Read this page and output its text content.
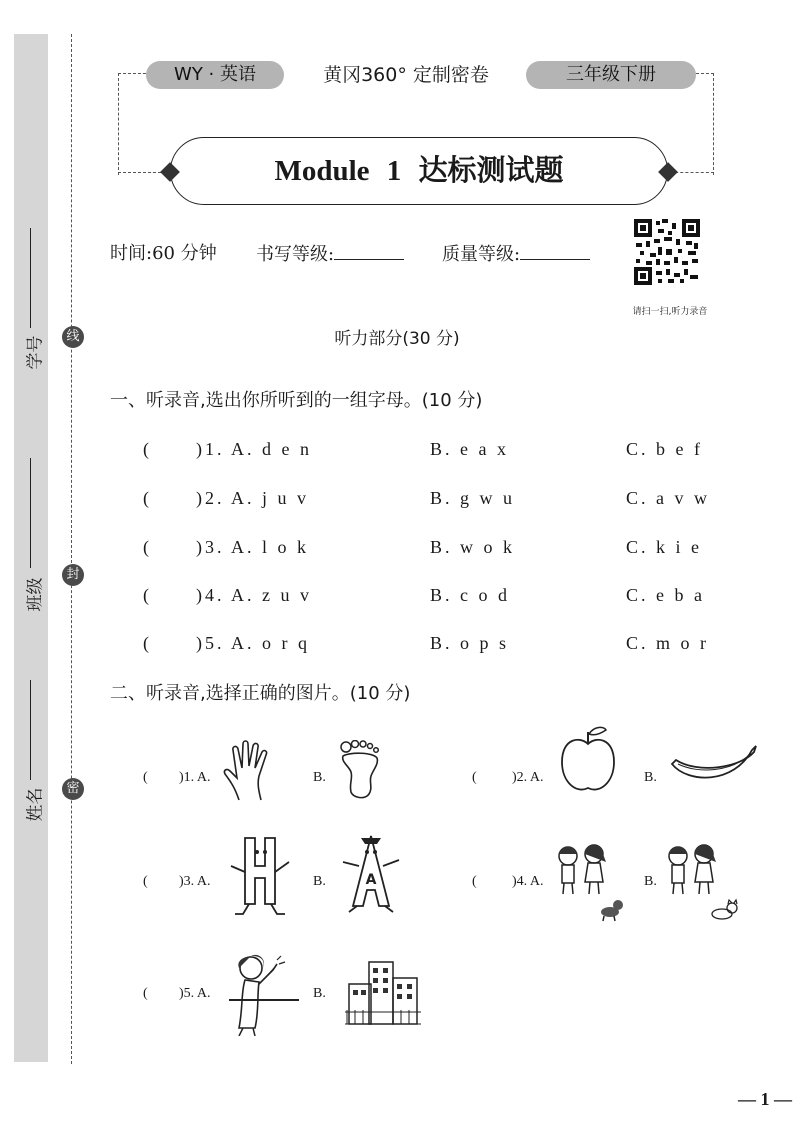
学号
班级
姓名
线
封
密
WY · 英语	黄冈360° 定制密卷	三年级下册
Module 1 达标测试题
时间:60 分钟 书写等级:	质量等级:
请扫一扫,听力录音
听力部分(30 分)
一、听录音,选出你所听到的一组字母。(10 分)
( )1. A. d e n	B. e a x	C. b e f
( )2. A. j u v	B. g w u	C. a v w
( )3. A. l o k	B. w o k	C. k i e
( )4. A. z u v	B. c o d	C. e b a
( )5. A. o r q	B. o p s	C. m o r
二、听录音,选择正确的图片。(10 分)
( )1. A.	B.	(	)2. A.	B.
( )3. A.	B.	A	(	)4. A.	B.
( )5. A.	B.
— 1 —
